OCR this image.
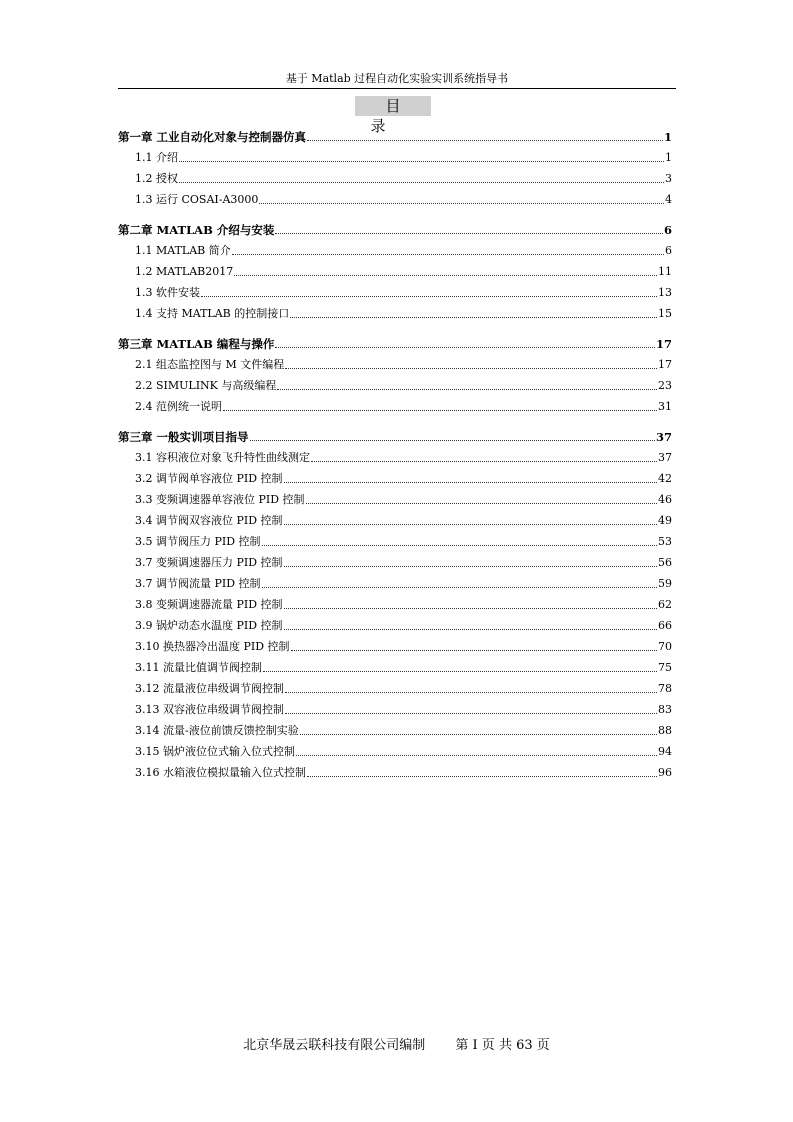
基于 Matlab 过程自动化实验实训系统指导书
目录
第一章 工业自动化对象与控制器仿真	1
1.1 介绍	1
1.2 授权	3
1.3 运行 COSAI-A3000	4
第二章 MATLAB 介绍与安装	6
1.1 MATLAB 简介	6
1.2 MATLAB2017	11
1.3 软件安装	13
1.4 支持 MATLAB 的控制接口	15
第三章 MATLAB 编程与操作	17
2.1 组态监控图与 M 文件编程	17
2.2 SIMULINK 与高级编程	23
2.4 范例统一说明	31
第三章 一般实训项目指导	37
3.1 容积液位对象飞升特性曲线测定	37
3.2 调节阀单容液位 PID 控制	42
3.3 变频调速器单容液位 PID 控制	46
3.4 调节阀双容液位 PID 控制	49
3.5 调节阀压力 PID 控制	53
3.7 变频调速器压力 PID 控制	56
3.7 调节阀流量 PID 控制	59
3.8 变频调速器流量 PID 控制	62
3.9 锅炉动态水温度 PID 控制	66
3.10 换热器冷出温度 PID 控制	70
3.11 流量比值调节阀控制	75
3.12 流量液位串级调节阀控制	78
3.13 双容液位串级调节阀控制	83
3.14 流量-液位前馈反馈控制实验	88
3.15 锅炉液位位式输入位式控制	94
3.16 水箱液位模拟量输入位式控制	96
北京华晟云联科技有限公司编制 第 I 页 共 63 页
